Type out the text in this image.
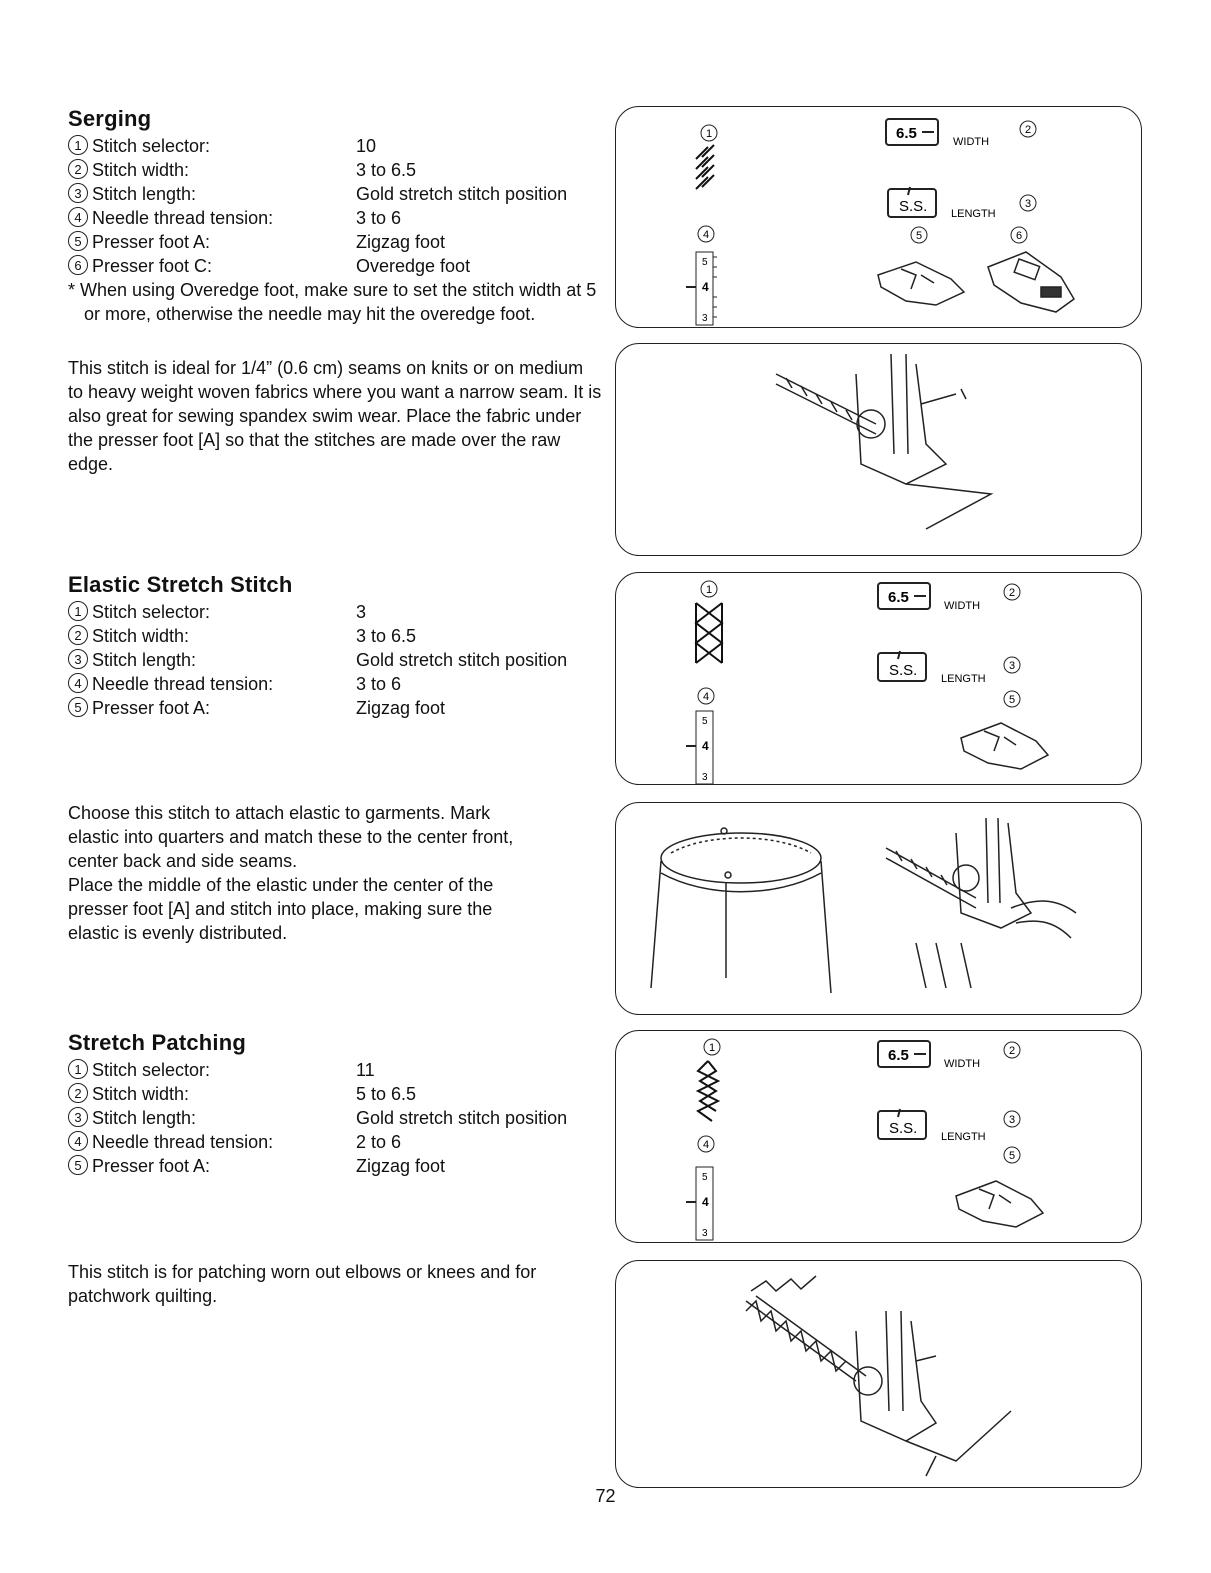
Serging
1 Stitch selector:	10
2 Stitch width:	3 to 6.5
3 Stitch length:	Gold stretch stitch position
4 Needle thread tension:	3 to 6
5 Presser foot A:	Zigzag foot
6 Presser foot C:	Overedge foot

* When using Overedge foot, make sure to set the stitch width at 5 or more, otherwise the needle may hit the overedge foot.

This stitch is ideal for 1/4” (0.6 cm) seams on knits or on medium to heavy weight woven fabrics where you want a narrow seam. It is also great for sewing spandex swim wear. Place the fabric under the presser foot [A] so that the stitches are made over the raw edge.

Elastic Stretch Stitch
1 Stitch selector:	3
2 Stitch width:	3 to 6.5
3 Stitch length:	Gold stretch stitch position
4 Needle thread tension:	3 to 6
5 Presser foot A:	Zigzag foot
Choose this stitch to attach elastic to garments. Mark
elastic into quarters and match these to the center front,
center back and side seams.
Place the middle of the elastic under the center of the
presser foot [A] and stitch into place, making sure the
elastic is evenly distributed.
Stretch Patching
1 Stitch selector:	11
2 Stitch width:	5 to 6.5
3 Stitch length:	Gold stretch stitch position
4 Needle thread tension:	2 to 6
5 Presser foot A:	Zigzag foot
This stitch is for patching worn out elbows or knees and for
patchwork quilting.
1
4
5
4
3
6.5	WIDTH
2
S.S. LENGTH
3
5	6
1
4
5
4
3
6.5	WIDTH
2
S.S. LENGTH
3
5
1
4
5
4
3
6.5	WIDTH
2
S.S. LENGTH
3
5
72
